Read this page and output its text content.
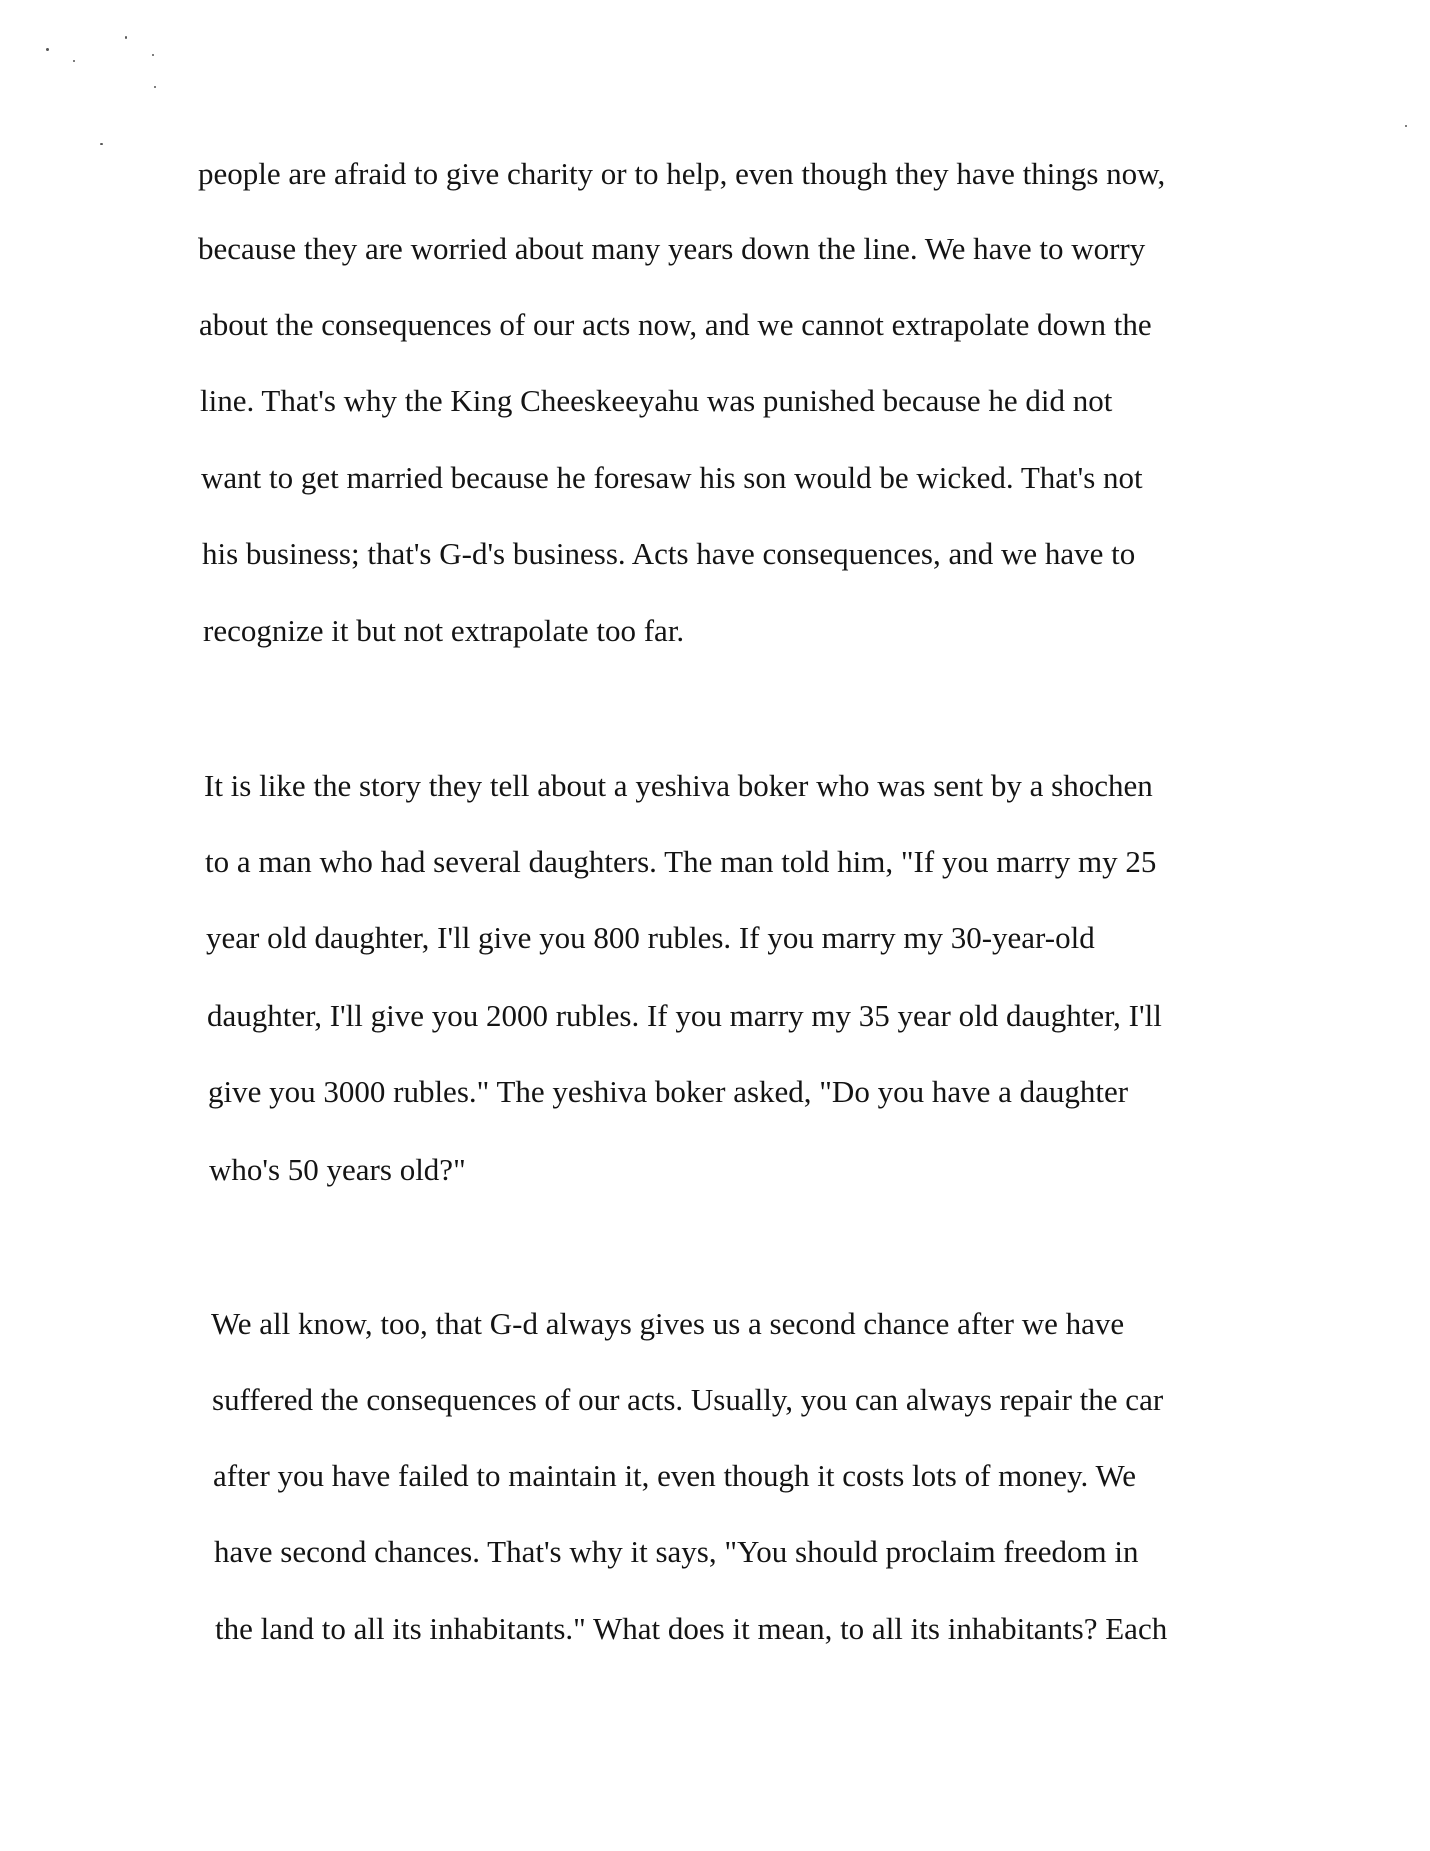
people are afraid to give charity or to help, even though they have things now,
because they are worried about many years down the line. We have to worry
about the consequences of our acts now, and we cannot extrapolate down the
line. That's why the King Cheeskeeyahu was punished because he did not
want to get married because he foresaw his son would be wicked. That's not
his business; that's G-d's business. Acts have consequences, and we have to
recognize it but not extrapolate too far.
It is like the story they tell about a yeshiva boker who was sent by a shochen
to a man who had several daughters. The man told him, "If you marry my 25
year old daughter, I'll give you 800 rubles. If you marry my 30-year-old
daughter, I'll give you 2000 rubles. If you marry my 35 year old daughter, I'll
give you 3000 rubles." The yeshiva boker asked, "Do you have a daughter
who's 50 years old?"
We all know, too, that G-d always gives us a second chance after we have
suffered the consequences of our acts. Usually, you can always repair the car
after you have failed to maintain it, even though it costs lots of money. We
have second chances. That's why it says, "You should proclaim freedom in
the land to all its inhabitants." What does it mean, to all its inhabitants? Each
